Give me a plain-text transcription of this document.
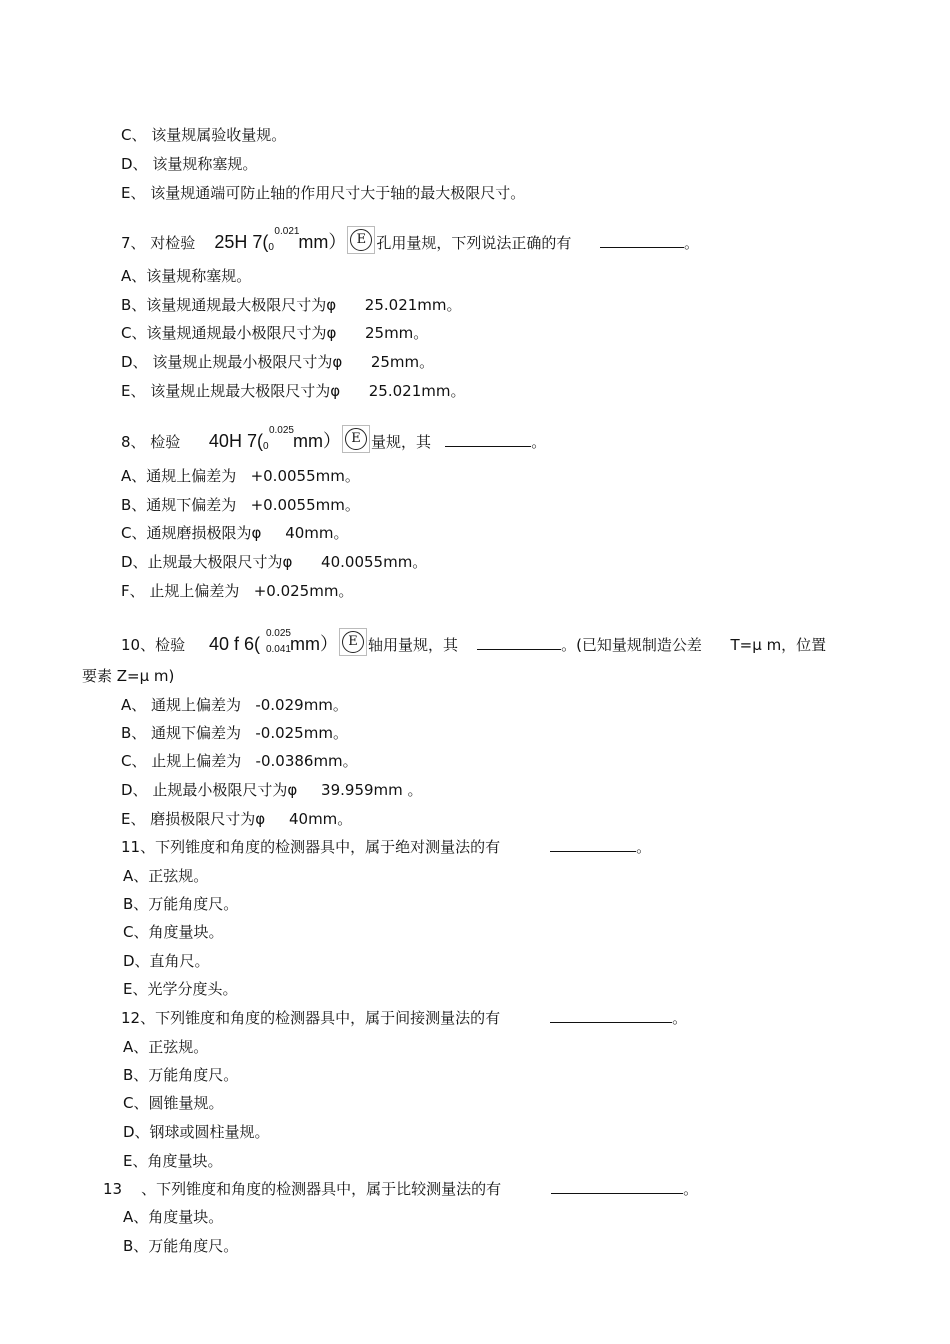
C、 该量规属验收量规。
D、 该量规称塞规。
E、 该量规通端可防止轴的作用尺寸大于轴的最大极限尺寸。
7、 对检验 25H 7(
0.021
0 mm） E 孔用量规，下列说法正确的有	。
A、该量规称塞规。
B、该量规通规最大极限尺寸为φ      25.021mm。
C、该量规通规最小极限尺寸为φ      25mm。
D、 该量规止规最小极限尺寸为φ      25mm。
E、 该量规止规最大极限尺寸为φ      25.021mm。
8、 检验 40H 7(
0.025
0 mm） E 量规，其	。
A、通规上偏差为   +0.0055mm。
B、通规下偏差为   +0.0055mm。
C、通规磨损极限为φ     40mm。
D、止规最大极限尺寸为φ      40.0055mm。
F、 止规上偏差为   +0.025mm。
10、检验 40 f 6(
0.025
0.041
mm） E 轴用量规，其	。(已知量规制造公差      T=μ m，位置
要素 Z=μ m)
A、 通规上偏差为   -0.029mm。
B、 通规下偏差为   -0.025mm。
C、 止规上偏差为   -0.0386mm。
D、 止规最小极限尺寸为φ     39.959mm 。
E、 磨损极限尺寸为φ     40mm。
11、下列锥度和角度的检测器具中，属于绝对测量法的有	。
A、正弦规。
B、万能角度尺。
C、角度量块。
D、直角尺。
E、光学分度头。
12、下列锥度和角度的检测器具中，属于间接测量法的有	。
A、正弦规。
B、万能角度尺。
C、圆锥量规。
D、钢球或圆柱量规。
E、角度量块。
13    、下列锥度和角度的检测器具中，属于比较测量法的有	。
A、角度量块。
B、万能角度尺。
